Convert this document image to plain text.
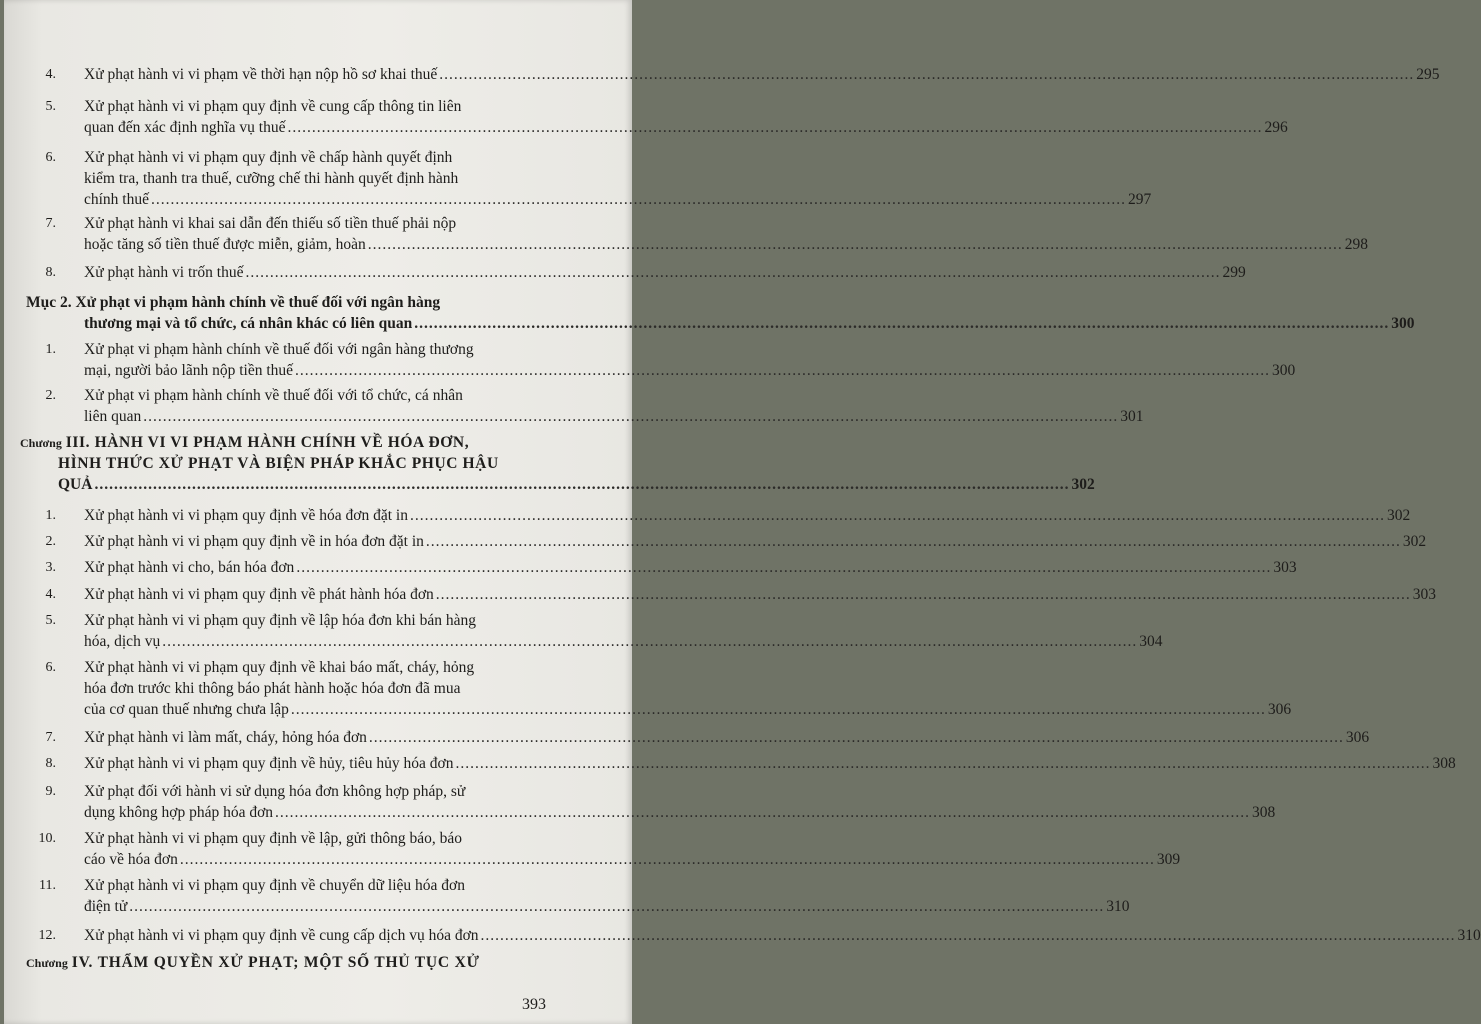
4. Xử phạt hành vi vi phạm về thời hạn nộp hồ sơ khai thuế ........................................................................................................................................................................................................ 295
5. Xử phạt hành vi vi phạm quy định về cung cấp thông tin liên
quan đến xác định nghĩa vụ thuế ........................................................................................................................................................................................................ 296
6. Xử phạt hành vi vi phạm quy định về chấp hành quyết định
kiểm tra, thanh tra thuế, cưỡng chế thi hành quyết định hành
chính thuế ........................................................................................................................................................................................................ 297
7. Xử phạt hành vi khai sai dẫn đến thiếu số tiền thuế phải nộp
hoặc tăng số tiền thuế được miễn, giảm, hoàn ........................................................................................................................................................................................................ 298
8. Xử phạt hành vi trốn thuế ........................................................................................................................................................................................................ 299
1. Xử phạt vi phạm hành chính về thuế đối với ngân hàng thương
mại, người bảo lãnh nộp tiền thuế ........................................................................................................................................................................................................ 300
2. Xử phạt vi phạm hành chính về thuế đối với tổ chức, cá nhân
liên quan ........................................................................................................................................................................................................ 301
1. Xử phạt hành vi vi phạm quy định về hóa đơn đặt in ........................................................................................................................................................................................................ 302
2. Xử phạt hành vi vi phạm quy định về in hóa đơn đặt in ........................................................................................................................................................................................................ 302
3. Xử phạt hành vi cho, bán hóa đơn ........................................................................................................................................................................................................ 303
4. Xử phạt hành vi vi phạm quy định về phát hành hóa đơn ........................................................................................................................................................................................................ 303
5. Xử phạt hành vi vi phạm quy định về lập hóa đơn khi bán hàng
hóa, dịch vụ ........................................................................................................................................................................................................ 304
6. Xử phạt hành vi vi phạm quy định về khai báo mất, cháy, hỏng
hóa đơn trước khi thông báo phát hành hoặc hóa đơn đã mua
của cơ quan thuế nhưng chưa lập ........................................................................................................................................................................................................ 306
7. Xử phạt hành vi làm mất, cháy, hỏng hóa đơn ........................................................................................................................................................................................................ 306
8. Xử phạt hành vi vi phạm quy định về hủy, tiêu hủy hóa đơn ........................................................................................................................................................................................................ 308
9. Xử phạt đối với hành vi sử dụng hóa đơn không hợp pháp, sử
dụng không hợp pháp hóa đơn ........................................................................................................................................................................................................ 308
10. Xử phạt hành vi vi phạm quy định về lập, gửi thông báo, báo
cáo về hóa đơn ........................................................................................................................................................................................................ 309
11. Xử phạt hành vi vi phạm quy định về chuyển dữ liệu hóa đơn
điện tử ........................................................................................................................................................................................................ 310
12. Xử phạt hành vi vi phạm quy định về cung cấp dịch vụ hóa đơn ........................................................................................................................................................................................................ 310
Mục 2. Xử phạt vi phạm hành chính về thuế đối với ngân hàng
thương mại và tổ chức, cá nhân khác có liên quan ........................................................................................................................................................................................................ 300
Chương III. HÀNH VI VI PHẠM HÀNH CHÍNH VỀ HÓA ĐƠN,
HÌNH THỨC XỬ PHẠT VÀ BIỆN PHÁP KHẮC PHỤC HẬU
QUẢ ........................................................................................................................................................................................................ 302
Chương IV. THẨM QUYỀN XỬ PHẠT; MỘT SỐ THỦ TỤC XỬ
393
